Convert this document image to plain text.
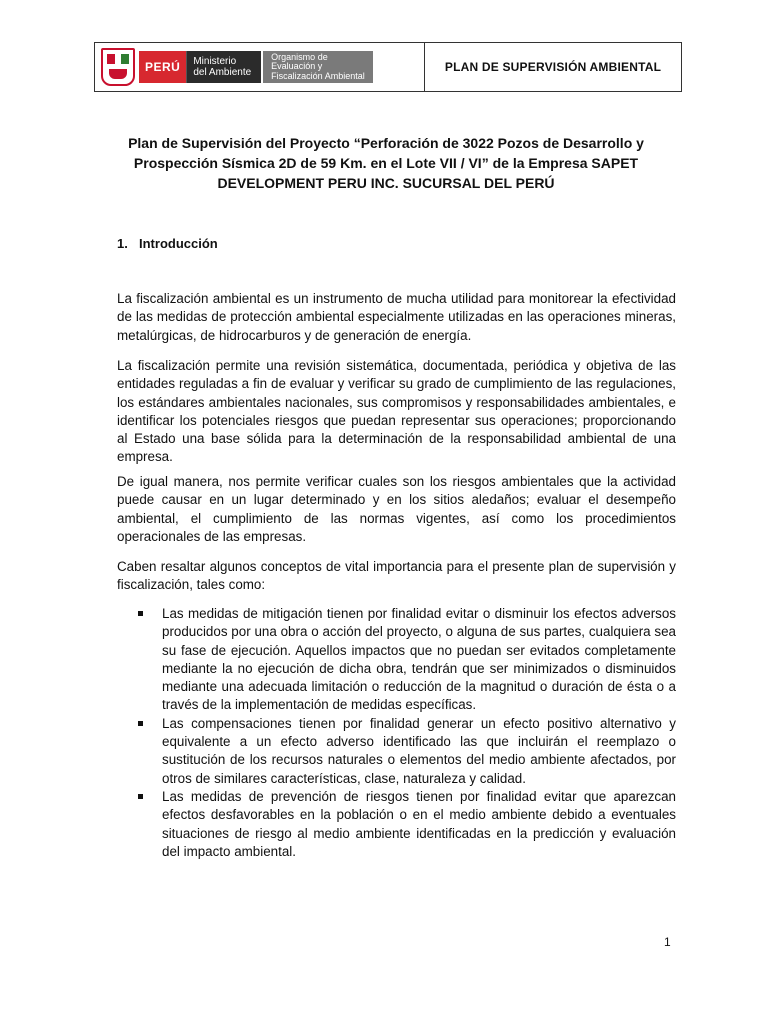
PERÚ	Ministerio
del Ambiente
Organismo de
Evaluación y
Fiscalización Ambiental
PLAN DE SUPERVISIÓN AMBIENTAL
Plan de Supervisión del Proyecto “Perforación de 3022 Pozos de Desarrollo y
Prospección Sísmica 2D de 59 Km. en el Lote VII / VI” de la Empresa SAPET
DEVELOPMENT PERU INC. SUCURSAL DEL PERÚ
1. Introducción

La fiscalización ambiental es un instrumento de mucha utilidad para monitorear la efectividad de las medidas de protección ambiental especialmente utilizadas en las operaciones mineras, metalúrgicas, de hidrocarburos y de generación de energía.

La fiscalización permite una revisión sistemática, documentada, periódica y objetiva de las entidades reguladas a fin de evaluar y verificar su grado de cumplimiento de las regulaciones, los estándares ambientales nacionales, sus compromisos y responsabilidades ambientales, e identificar los potenciales riesgos que puedan representar sus operaciones; proporcionando al Estado una base sólida para la determinación de la responsabilidad ambiental de una empresa.

De igual manera, nos permite verificar cuales son los riesgos ambientales que la actividad puede causar en un lugar determinado y en los sitios aledaños; evaluar el desempeño ambiental, el cumplimiento de las normas vigentes, así como los procedimientos operacionales de las empresas.

Caben resaltar algunos conceptos de vital importancia para el presente plan de supervisión y fiscalización, tales como:

Las medidas de mitigación tienen por finalidad evitar o disminuir los efectos adversos producidos por una obra o acción del proyecto, o alguna de sus partes, cualquiera sea su fase de ejecución. Aquellos impactos que no puedan ser evitados completamente mediante la no ejecución de dicha obra, tendrán que ser minimizados o disminuidos mediante una adecuada limitación o reducción de la magnitud o duración de ésta o a través de la implementación de medidas específicas.
Las compensaciones tienen por finalidad generar un efecto positivo alternativo y equivalente a un efecto adverso identificado las que incluirán el reemplazo o sustitución de los recursos naturales o elementos del medio ambiente afectados, por otros de similares características, clase, naturaleza y calidad.
Las medidas de prevención de riesgos tienen por finalidad evitar que aparezcan efectos desfavorables en la población o en el medio ambiente debido a eventuales situaciones de riesgo al medio ambiente identificadas en la predicción y evaluación del impacto ambiental.
1
